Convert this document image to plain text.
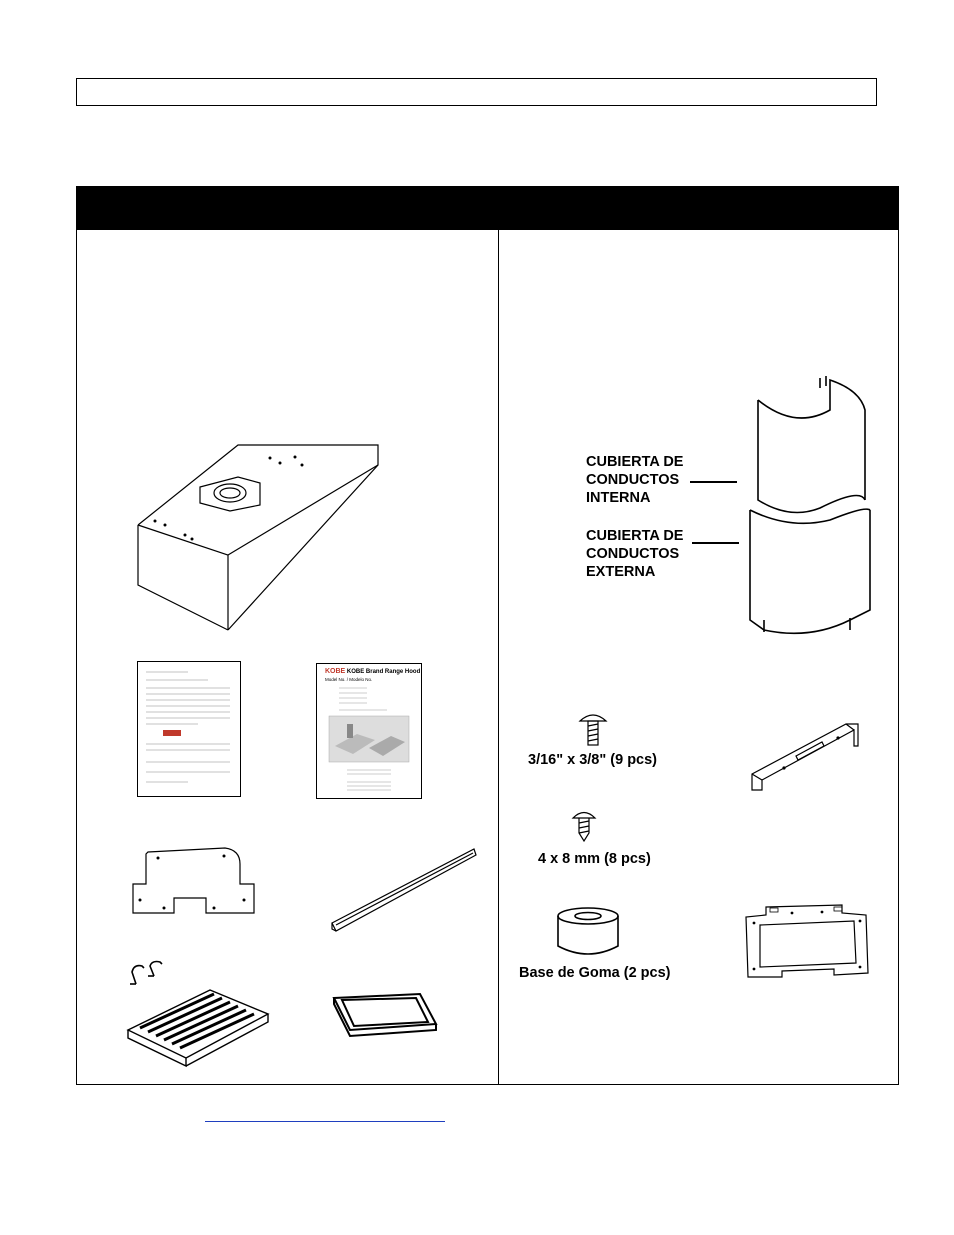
KOBE KOBE Brand Range Hood
Model No. / Modelo No.
CUBIERTA DE
CONDUCTOS
INTERNA
CUBIERTA DE
CONDUCTOS
EXTERNA
3/16" x 3/8" (9 pcs)
4 x 8 mm (8 pcs)
Base de Goma (2 pcs)
